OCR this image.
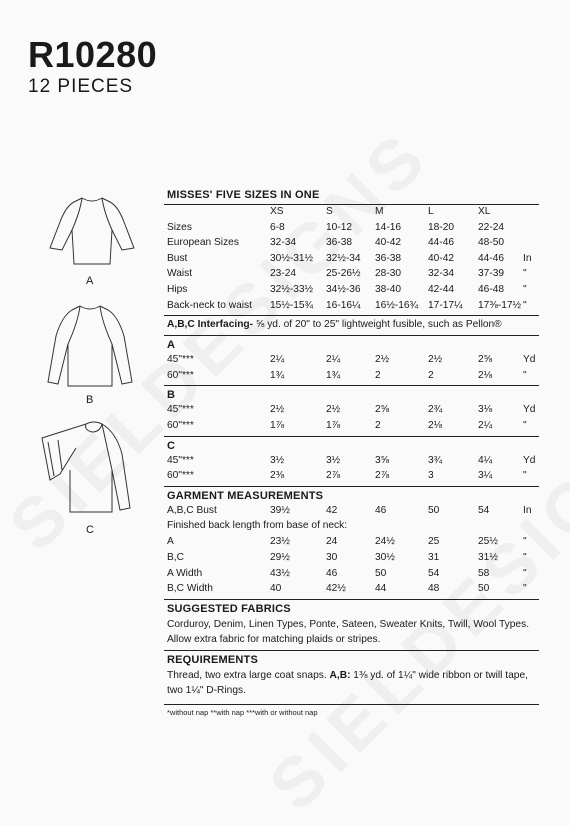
R10280
12 PIECES
A
B
C
MISSES' FIVE SIZES IN ONE
XS	S	M	L	XL
Sizes	6-8	10-12 14-16	18-20 22-24
European Sizes	32-34	36-38 40-42	44-46 48-50
Bust	30½-31½ 32½-34 36-38	40-42 44-46 In
Waist	23-24	25-26½ 28-30	32-34 37-39 "
Hips	32½-33½ 34½-36 38-40	42-44 46-48 "
Back-neck to waist 15½-15¾ 16-16¼ 16½-16¾ 17-17¼ 17⅜-17½ "
A,B,C Interfacing- ⅝ yd. of 20" to 25" lightweight fusible, such as Pellon®
A
45"***	2¼	2¼	2½	2½	2⅝	Yd
60"***	1¾	1¾	2	2	2⅛	"
B
45"***	2½	2½	2⅝	2¾	3⅛	Yd
60"***	1⅞	1⅞	2	2⅛	2¼	"
C
45"***	3½	3½	3⅝	3¾	4¼	Yd
60"***	2⅜	2⅞	2⅞	3	3¼	"
GARMENT MEASUREMENTS
A,B,C Bust	39½	42	46	50	54	In
Finished back length from base of neck:
A	23½	24	24½	25	25½ "
B,C	29½	30	30½	31	31½ "
A Width	43½	46	50	54	58	"
B,C Width	40	42½	44	48	50	"
SUGGESTED FABRICS
Corduroy, Denim, Linen Types, Ponte, Sateen, Sweater Knits, Twill, Wool Types.
Allow extra fabric for matching plaids or stripes.
REQUIREMENTS
Thread, two extra large coat snaps. A,B: 1⅜ yd. of 1¼" wide ribbon or twill tape,
two 1¼" D-Rings.
*without nap **with nap ***with or without nap
